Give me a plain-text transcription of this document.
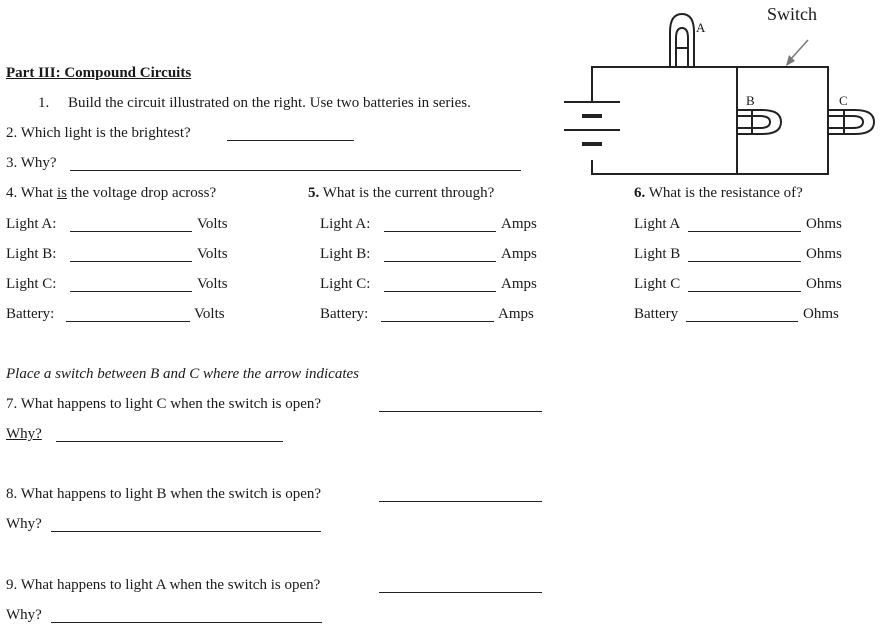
Part III: Compound Circuits
1. Build the circuit illustrated on the right. Use two batteries in series.
2. Which light is the brightest?
3. Why?
4. What is the voltage drop across?
Light A:	Volts
Light B:	Volts
Light C:	Volts
Battery:	Volts
5. What is the current through?
Light A:	Amps
Light B:	Amps
Light C:	Amps
Battery:	Amps
6. What is the resistance of?
Light A	Ohms
Light B	Ohms
Light C	Ohms
Battery	Ohms
Place a switch between B and C where the arrow indicates
7. What happens to light C when the switch is open?
Why?
8. What happens to light B when the switch is open?
Why?
9. What happens to light A when the switch is open?
Why?
Switch
A
B	C
